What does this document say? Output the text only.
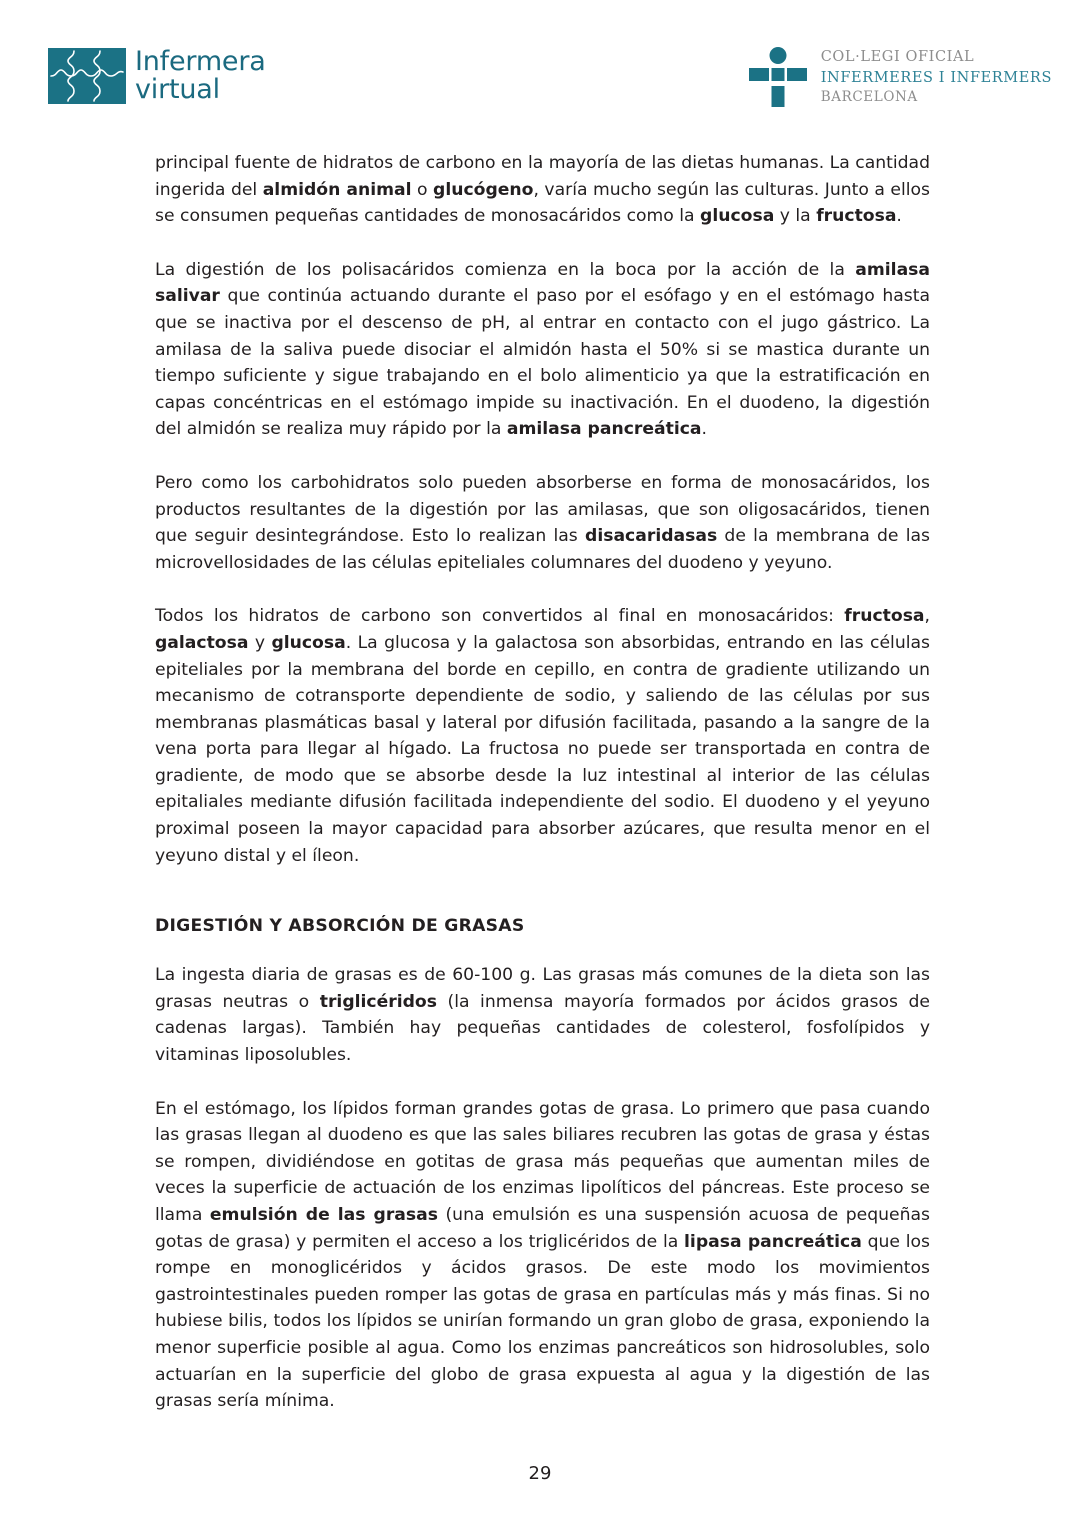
Infermera
virtual
COL·LEGI OFICIAL
INFERMERES I INFERMERS
BARCELONA

principal fuente de hidratos de carbono en la mayoría de las dietas humanas. La cantidad ingerida del almidón animal o glucógeno, varía mucho según las culturas. Junto a ellos se consumen pequeñas cantidades de monosacáridos como la glucosa y la fructosa.

La digestión de los polisacáridos comienza en la boca por la acción de la amilasa salivar que continúa actuando durante el paso por el esófago y en el estómago hasta que se inactiva por el descenso de pH, al entrar en contacto con el jugo gástrico. La amilasa de la saliva puede disociar el almidón hasta el 50% si se mastica durante un tiempo suficiente y sigue trabajando en el bolo alimenticio ya que la estratificación en capas concéntricas en el estómago impide su inactivación. En el duodeno, la digestión del almidón se realiza muy rápido por la amilasa pancreática.

Pero como los carbohidratos solo pueden absorberse en forma de monosacáridos, los productos resultantes de la digestión por las amilasas, que son oligosacáridos, tienen que seguir desintegrándose. Esto lo realizan las disacaridasas de la membrana de las microvellosidades de las células epiteliales columnares del duodeno y yeyuno.

Todos los hidratos de carbono son convertidos al final en monosacáridos: fructosa, galactosa y glucosa. La glucosa y la galactosa son absorbidas, entrando en las células epiteliales por la membrana del borde en cepillo, en contra de gradiente utilizando un mecanismo de cotransporte dependiente de sodio, y saliendo de las células por sus membranas plasmáticas basal y lateral por difusión facilitada, pasando a la sangre de la vena porta para llegar al hígado. La fructosa no puede ser transportada en contra de gradiente, de modo que se absorbe desde la luz intestinal al interior de las células epitaliales mediante difusión facilitada independiente del sodio. El duodeno y el yeyuno proximal poseen la mayor capacidad para absorber azúcares, que resulta menor en el yeyuno distal y el íleon.

DIGESTIÓN Y ABSORCIÓN DE GRASAS

La ingesta diaria de grasas es de 60-100 g. Las grasas más comunes de la dieta son las grasas neutras o triglicéridos (la inmensa mayoría formados por ácidos grasos de cadenas largas). También hay pequeñas cantidades de colesterol, fosfolípidos y vitaminas liposolubles.

En el estómago, los lípidos forman grandes gotas de grasa. Lo primero que pasa cuando las grasas llegan al duodeno es que las sales biliares recubren las gotas de grasa y éstas se rompen, dividiéndose en gotitas de grasa más pequeñas que aumentan miles de veces la superficie de actuación de los enzimas lipolíticos del páncreas. Este proceso se llama emulsión de las grasas (una emulsión es una suspensión acuosa de pequeñas gotas de grasa) y permiten el acceso a los triglicéridos de la lipasa pancreática que los rompe en monoglicéridos y ácidos grasos. De este modo los movimientos gastrointestinales pueden romper las gotas de grasa en partículas más y más finas. Si no hubiese bilis, todos los lípidos se unirían formando un gran globo de grasa, exponiendo la menor superficie posible al agua. Como los enzimas pancreáticos son hidrosolubles, solo actuarían en la superficie del globo de grasa expuesta al agua y la digestión de las grasas sería mínima.

29
